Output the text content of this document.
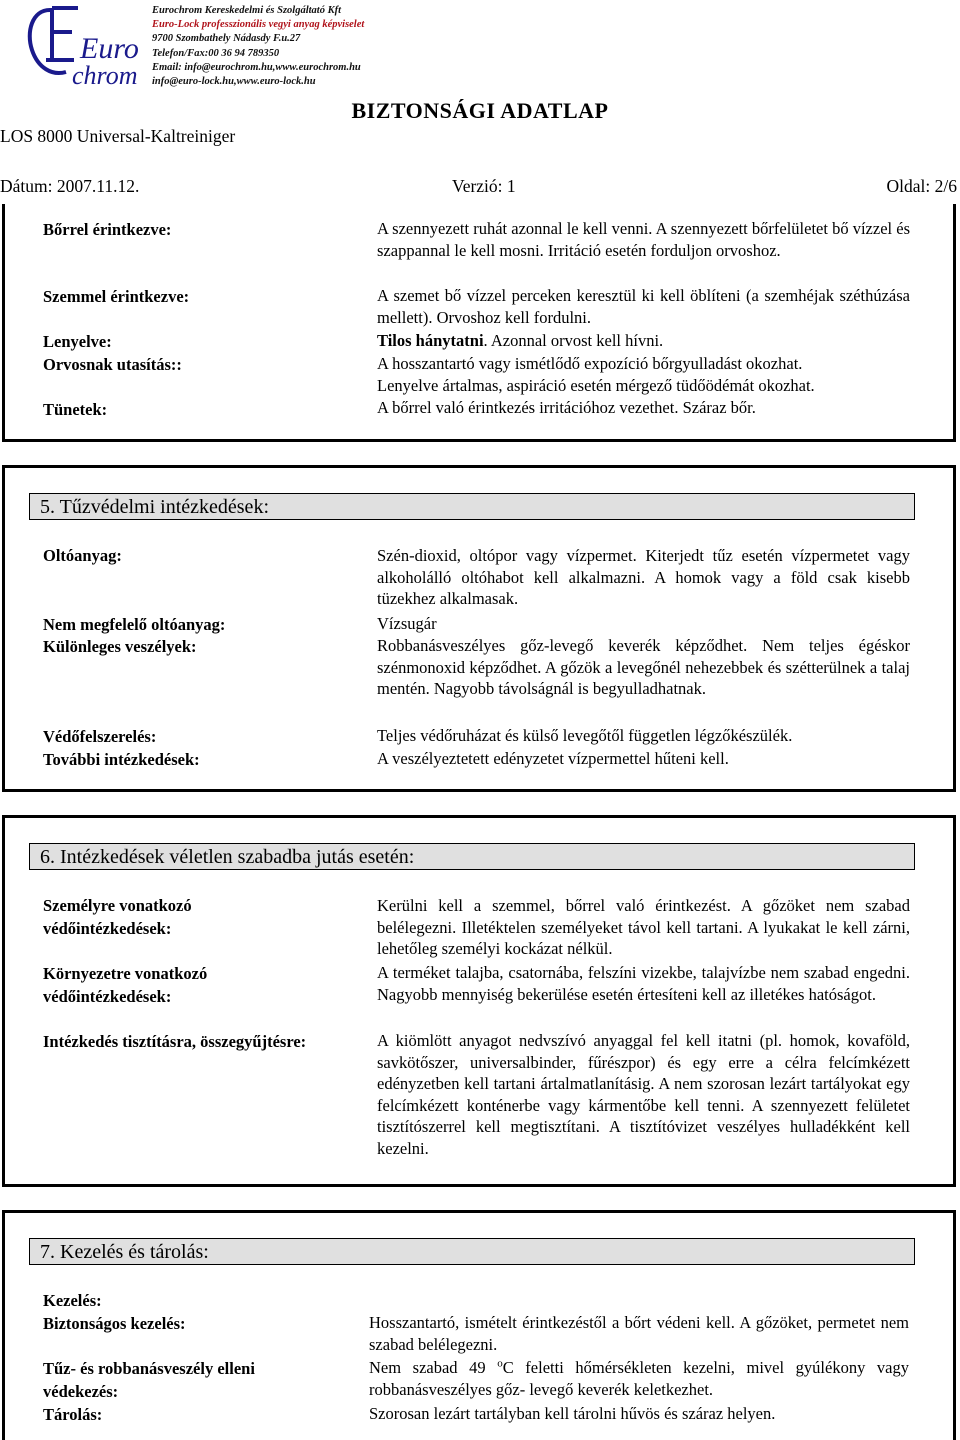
Euro
chrom
Eurochrom Kereskedelmi és Szolgáltató Kft
Euro-Lock professzionális vegyi anyag képviselet
9700 Szombathely Nádasdy F.u.27
Telefon/Fax:00 36 94 789350
Email: info@eurochrom.hu,www.eurochrom.hu
info@euro-lock.hu,www.euro-lock.hu
BIZTONSÁGI ADATLAP
LOS 8000 Universal-Kaltreiniger
Dátum: 2007.11.12.	Verzió: 1	Oldal: 2/6
Bőrrel érintkezve:	A szennyezett ruhát azonnal le kell venni. A szennyezett bőrfelületet bő vízzel és szappannal le kell mosni. Irritáció esetén forduljon orvoshoz.
Szemmel érintkezve:	A szemet bő vízzel perceken keresztül ki kell öblíteni (a szemhéjak széthúzása mellett). Orvoshoz kell fordulni.
Lenyelve:	Tilos hánytatni. Azonnal orvost kell hívni.
Orvosnak utasítás::	A hosszantartó vagy ismétlődő expozíció bőrgyulladást okozhat.
Lenyelve ártalmas, aspiráció esetén mérgező tüdőödémát okozhat.
Tünetek:	A bőrrel való érintkezés irritációhoz vezethet. Száraz bőr.
5. Tűzvédelmi intézkedések:
Oltóanyag:	Szén-dioxid, oltópor vagy vízpermet. Kiterjedt tűz esetén vízpermetet vagy alkoholálló oltóhabot kell alkalmazni. A homok vagy a föld csak kisebb tüzekhez alkalmasak.
Nem megfelelő oltóanyag:	Vízsugár
Különleges veszélyek:	Robbanásveszélyes gőz-levegő keverék képződhet. Nem teljes égéskor szénmonoxid képződhet. A gőzök a levegőnél nehezebbek és szétterülnek a talaj mentén. Nagyobb távolságnál is begyulladhatnak.
Védőfelszerelés:	Teljes védőruházat és külső levegőtől független légzőkészülék.
További intézkedések:	A veszélyeztetett edényzetet vízpermettel hűteni kell.
6. Intézkedések véletlen szabadba jutás esetén:
Személyre vonatkozó
védőintézkedések:
Kerülni kell a szemmel, bőrrel való érintkezést. A gőzöket nem szabad belélegezni. Illetéktelen személyeket távol kell tartani. A lyukakat le kell zárni, lehetőleg személyi kockázat nélkül.
Környezetre vonatkozó
védőintézkedések:
A terméket talajba, csatornába, felszíni vizekbe, talajvízbe nem szabad engedni. Nagyobb mennyiség bekerülése esetén értesíteni kell az illetékes hatóságot.
Intézkedés tisztításra, összegyűjtésre:	A kiömlött anyagot nedvszívó anyaggal fel kell itatni (pl. homok, kovaföld, savkötőszer, universalbinder, fűrészpor) és egy erre a célra felcímkézett edényzetben kell tartani ártalmatlanításig. A nem szorosan lezárt tartályokat egy felcímkézett konténerbe vagy kármentőbe kell tenni. A szennyezett felületet tisztítószerrel kell megtisztítani. A tisztítóvizet veszélyes hulladékként kell kezelni.
7. Kezelés és tárolás:
Kezelés:
Biztonságos kezelés:	Hosszantartó, ismételt érintkezéstől a bőrt védeni kell. A gőzöket, permetet nem szabad belélegezni.
Tűz- és robbanásveszély elleni
védekezés:
Nem szabad 49 $^o$C feletti hőmérsékleten kezelni, mivel gyúlékony vagy robbanásveszélyes gőz- levegő keverék keletkezhet.
Tárolás:	Szorosan lezárt tartályban kell tárolni hűvös és száraz helyen.
